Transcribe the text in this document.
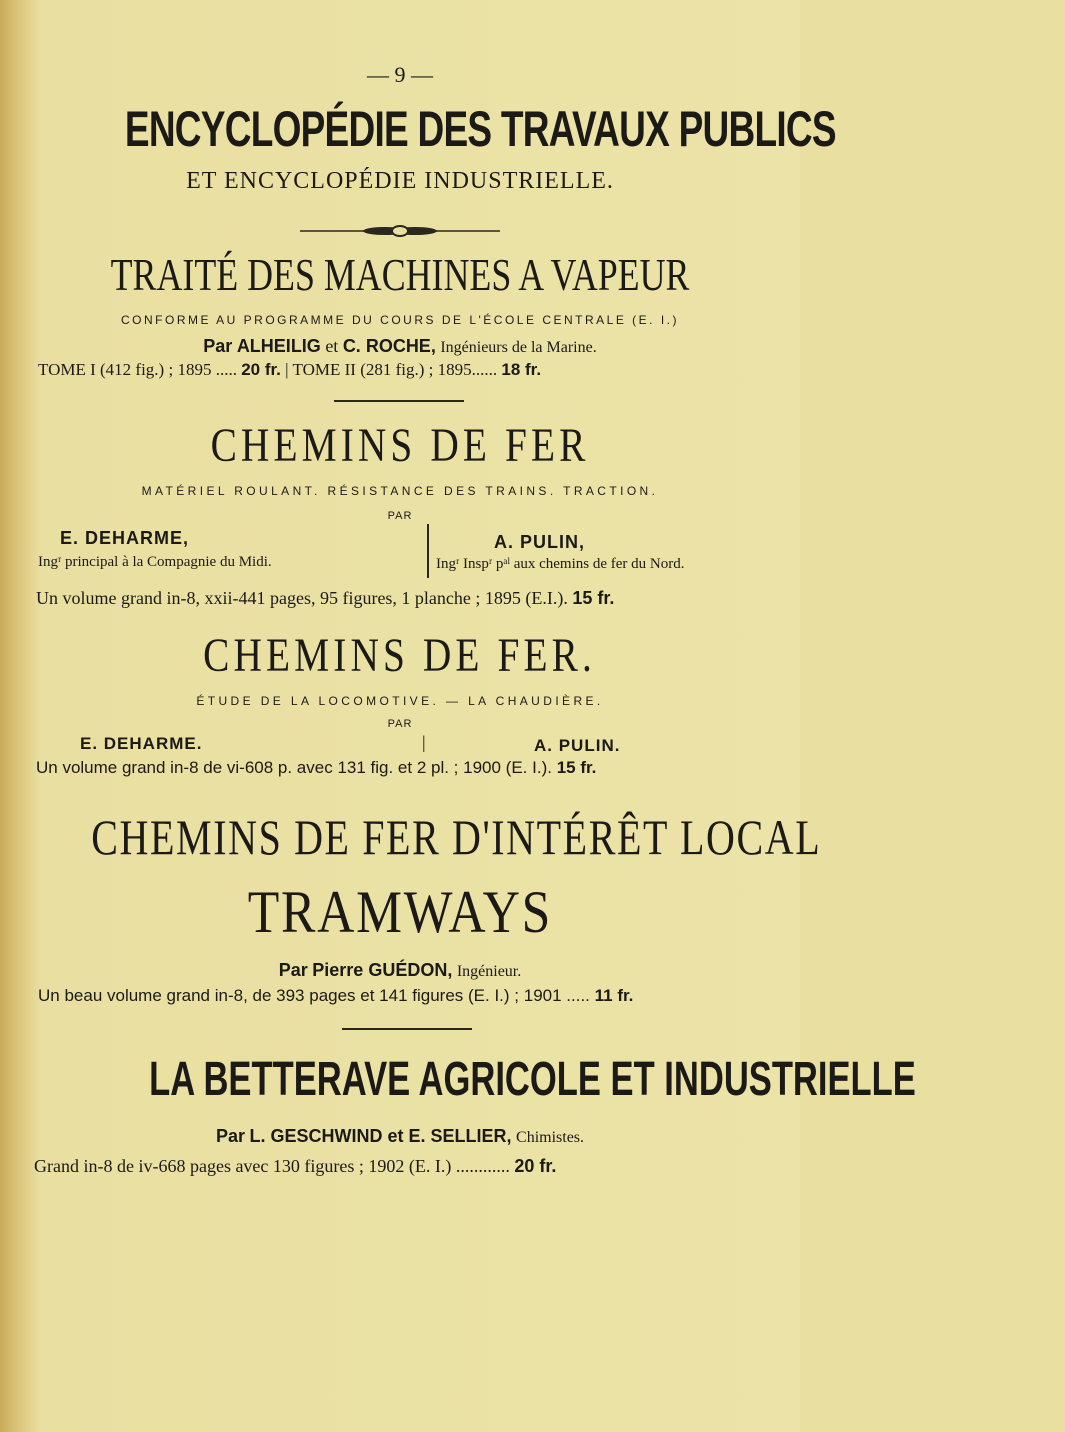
— 9 —
ENCYCLOPÉDIE DES TRAVAUX PUBLICS
ET ENCYCLOPÉDIE INDUSTRIELLE.
TRAITÉ DES MACHINES A VAPEUR
CONFORME AU PROGRAMME DU COURS DE L'ÉCOLE CENTRALE (E. I.)
Par ALHEILIG et C. ROCHE, Ingénieurs de la Marine.
TOME I (412 fig.) ; 1895 ..... 20 fr. | TOME II (281 fig.) ; 1895...... 18 fr.
CHEMINS DE FER
MATÉRIEL ROULANT. RÉSISTANCE DES TRAINS. TRACTION.
PAR
E. DEHARME,
Ingʳ principal à la Compagnie du Midi.
A. PULIN,
Ingʳ Inspʳ pᵃˡ aux chemins de fer du Nord.
Un volume grand in-8, xxii-441 pages, 95 figures, 1 planche ; 1895 (E.I.). 15 fr.
CHEMINS DE FER.
ÉTUDE DE LA LOCOMOTIVE. — LA CHAUDIÈRE.
PAR
E. DEHARME.	|	A. PULIN.
Un volume grand in-8 de vi-608 p. avec 131 fig. et 2 pl. ; 1900 (E. I.). 15 fr.
CHEMINS DE FER D'INTÉRÊT LOCAL
TRAMWAYS
Par Pierre GUÉDON, Ingénieur.
Un beau volume grand in-8, de 393 pages et 141 figures (E. I.) ; 1901 ..... 11 fr.
LA BETTERAVE AGRICOLE ET INDUSTRIELLE
Par L. GESCHWIND et E. SELLIER, Chimistes.
Grand in-8 de iv-668 pages avec 130 figures ; 1902 (E. I.) ............ 20 fr.
